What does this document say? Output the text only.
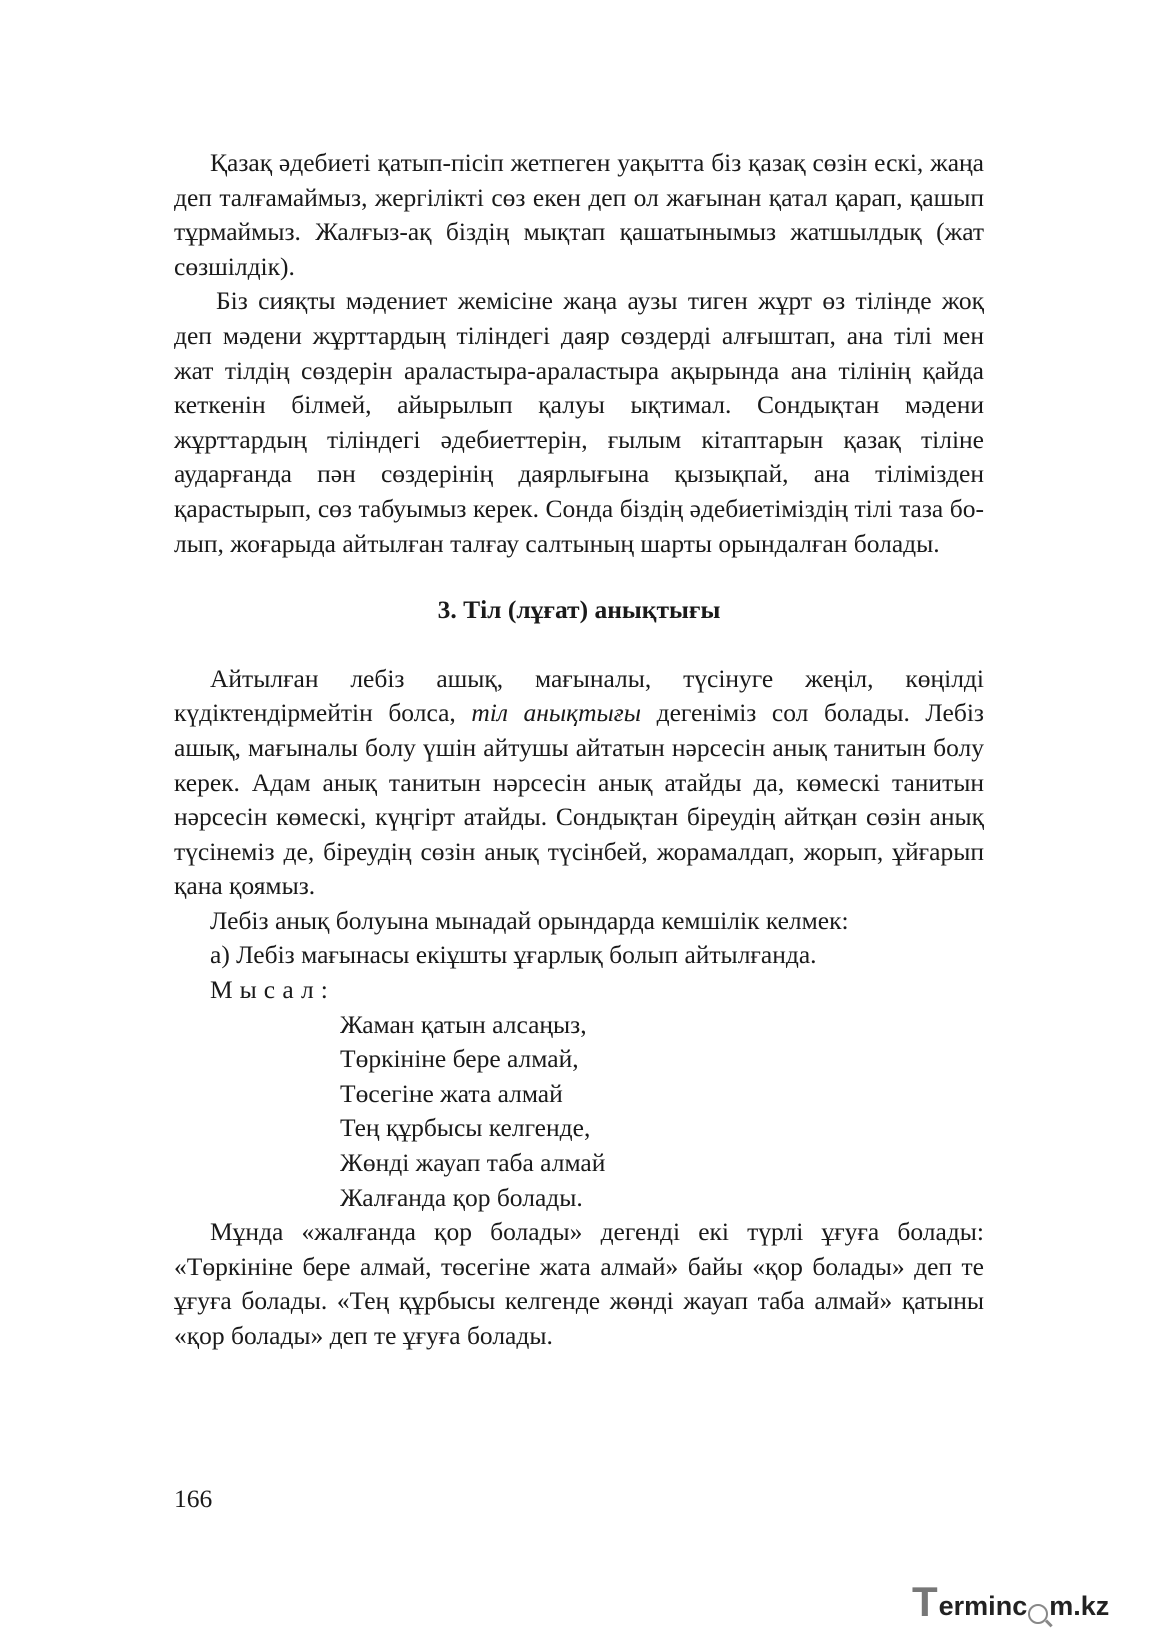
Қазақ әдебиеті қатып-пісіп жетпеген уақытта біз қазақ сөзін ескі, жаңа деп талғамаймыз, жергілікті сөз екен деп ол жағынан қатал қарап, қашып тұрмаймыз. Жалғыз-ақ біздің мықтап қашатынымыз жатшылдық (жат сөзшілдік).

Біз сияқты мәдениет жемісіне жаңа аузы тиген жұрт өз тілінде жоқ деп мәдени жұрттардың тіліндегі даяр сөздерді алғыштап, ана тілі мен жат тілдің сөздерін араластыра-араластыра ақырында ана тілінің қайда кеткенін білмей, айырылып қалуы ықтимал. Сондықтан мәдени жұрттардың тіліндегі әдебиеттерін, ғылым кітаптарын қазақ тіліне аударғанда пән сөздерінің даярлығына қызықпай, ана тілімізден қарастырып, сөз табуымыз керек. Сонда біздің әдебиетіміздің тілі таза болып, жоғарыда айтылған талғау салтының шарты орындалған болады.

3. Тіл (лұғат) анықтығы

Айтылған лебіз ашық, мағыналы, түсінуге жеңіл, көңілді күдіктендірмейтін болса, тіл анықтығы дегеніміз сол болады. Лебіз ашық, мағыналы болу үшін айтушы айтатын нәрсесін анық танитын болу керек. Адам анық танитын нәрсесін анық атайды да, көмескі танитын нәрсесін көмескі, күңгірт атайды. Сондықтан біреудің айтқан сөзін анық түсінеміз де, біреудің сөзін анық түсінбей, жорамалдап, жорып, ұйғарып қана қоямыз.

Лебіз анық болуына мынадай орындарда кемшілік келмек:

а) Лебіз мағынасы екіұшты ұғарлық болып айтылғанда.

Мысал:

Жаман қатын алсаңыз,
Төркініне бере алмай,
Төсегіне жата алмай
Тең құрбысы келгенде,
Жөнді жауап таба алмай
Жалғанда қор болады.

Мұнда «жалғанда қор болады» дегенді екі түрлі ұғуға болады: «Төркініне бере алмай, төсегіне жата алмай» байы «қор болады» деп те ұғуға болады. «Тең құрбысы келгенде жөнді жауап таба алмай» қатыны «қор болады» деп те ұғуға болады.

166
T ermin c m.kz
